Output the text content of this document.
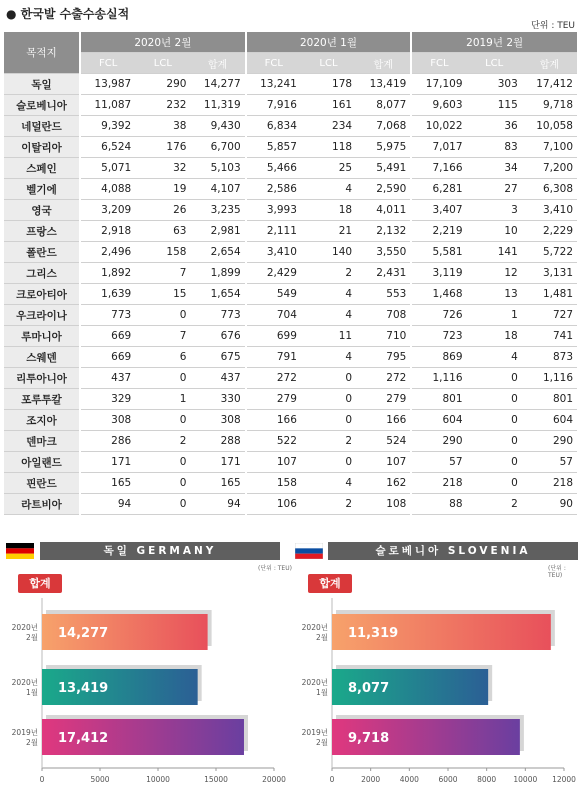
● 한국발 수출수송실적
단위 : TEU
목적지	2020년 2월			2020년 1월			2019년 2월		
	FCL	LCL	합계	FCL	LCL	합계	FCL	LCL	합계
독일	13,987	290	14,277	13,241	178	13,419	17,109	303	17,412
슬로베니아	11,087	232	11,319	7,916	161	8,077	9,603	115	9,718
네덜란드	9,392	38	9,430	6,834	234	7,068	10,022	36	10,058
이탈리아	6,524	176	6,700	5,857	118	5,975	7,017	83	7,100
스페인	5,071	32	5,103	5,466	25	5,491	7,166	34	7,200
벨기에	4,088	19	4,107	2,586	4	2,590	6,281	27	6,308
영국	3,209	26	3,235	3,993	18	4,011	3,407	3	3,410
프랑스	2,918	63	2,981	2,111	21	2,132	2,219	10	2,229
폴란드	2,496	158	2,654	3,410	140	3,550	5,581	141	5,722
그리스	1,892	7	1,899	2,429	2	2,431	3,119	12	3,131
크로아티아	1,639	15	1,654	549	4	553	1,468	13	1,481
우크라이나	773	0	773	704	4	708	726	1	727
루마니아	669	7	676	699	11	710	723	18	741
스웨덴	669	6	675	791	4	795	869	4	873
리투아니아	437	0	437	272	0	272	1,116	0	1,116
포루투칼	329	1	330	279	0	279	801	0	801
조지아	308	0	308	166	0	166	604	0	604
덴마크	286	2	288	522	2	524	290	0	290
아일랜드	171	0	171	107	0	107	57	0	57
핀란드	165	0	165	158	4	162	218	0	218
라트비아	94	0	94	106	2	108	88	2	90
독일 GERMANY
(단위 : TEU)
합계
0	5000	10000	15000	20000
14,277
2020년
2월
13,419
2020년
1월
17,412
2019년
2월
슬로베니아 SLOVENIA
(단위 : TEU)
합계
0	2000	4000	6000	8000 10000 12000
11,319
2020년
2월
8,077
2020년
1월
9,718
2019년
2월
